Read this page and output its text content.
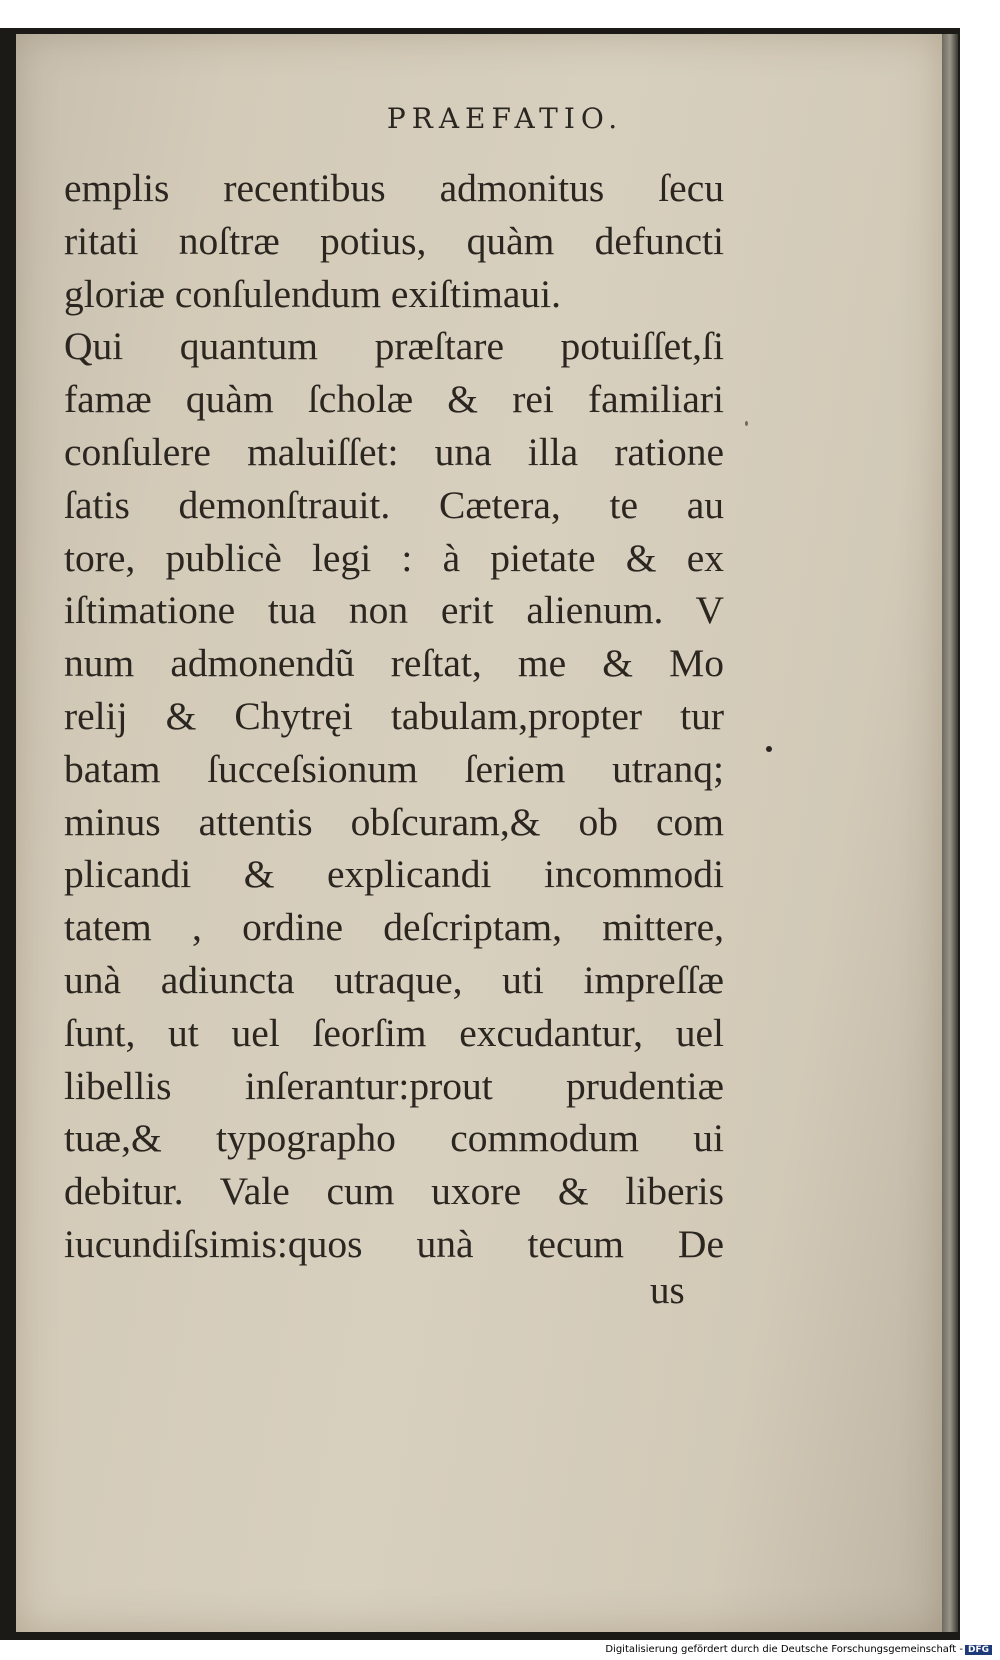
PRAEFATIO.
emplis recentibus admonitus ſecu
ritati noſtræ potius, quàm defuncti
gloriæ conſulendum exiſtimaui.
Qui quantum præſtare potuiſſet,ſi
famæ quàm ſcholæ & rei familiari
conſulere maluiſſet: una illa ratione
ſatis demonſtrauit. Cætera, te au
tore, publicè legi : à pietate & ex
iſtimatione tua non erit alienum. V
num admonendũ reſtat, me & Mo
relij & Chytręi tabulam,propter tur
batam ſucceſsionum ſeriem utranq;
minus attentis obſcuram,& ob com
plicandi & explicandi incommodi
tatem , ordine deſcriptam, mittere,
unà adiuncta utraque, uti impreſſæ
ſunt, ut uel ſeorſim excudantur, uel
libellis inſerantur:prout prudentiæ
tuæ,& typographo commodum ui
debitur. Vale cum uxore & liberis
iucundiſsimis:quos unà tecum De
us
Digitalisierung gefördert durch die Deutsche Forschungsgemeinschaft - DFG
